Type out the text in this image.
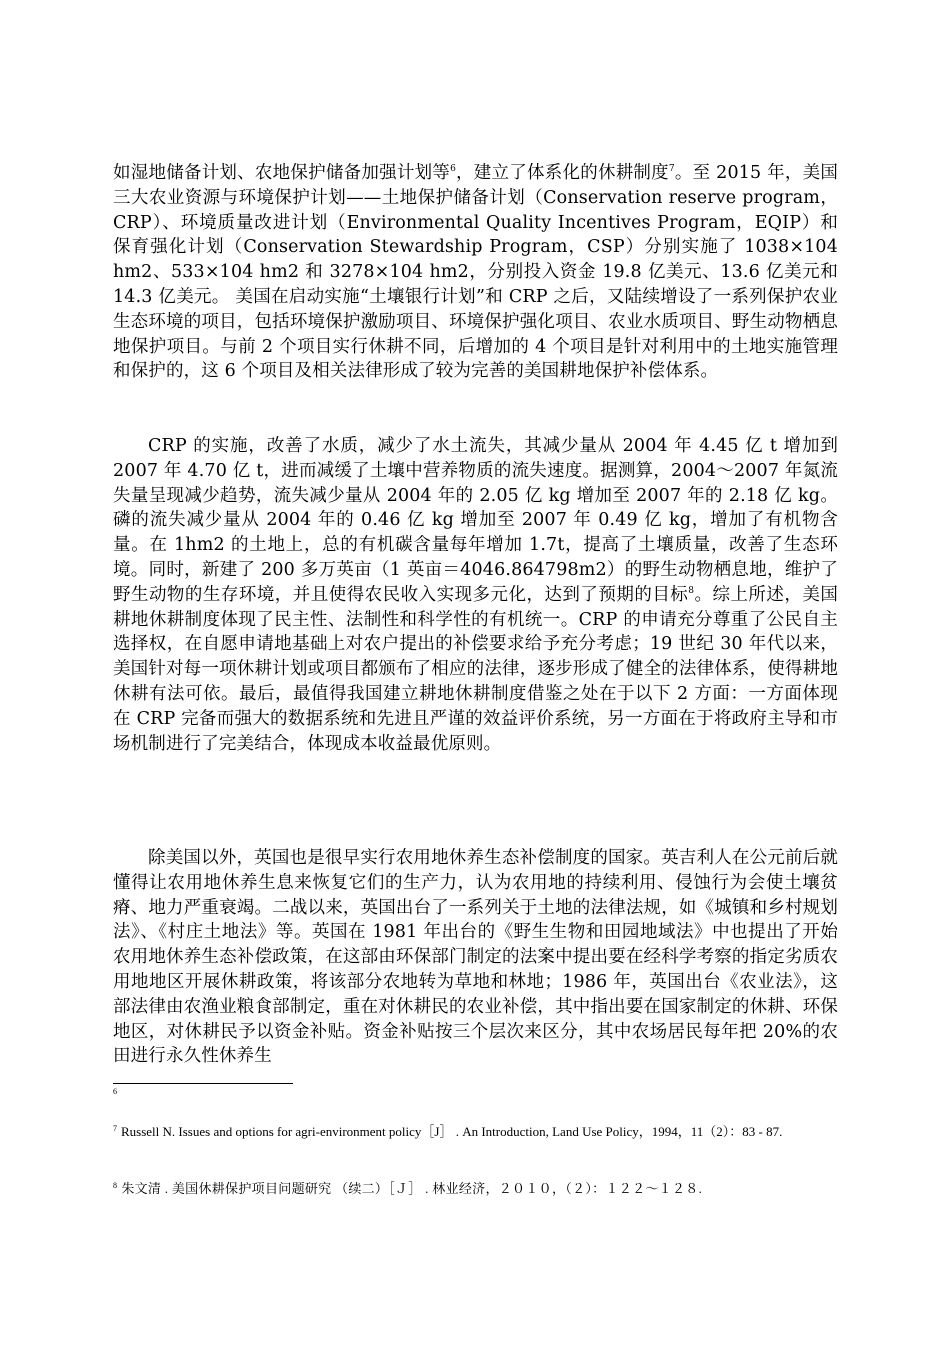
如湿地储备计划、农地保护储备加强计划等$^6$，建立了体系化的休耕制度$^7$。至 2015 年，美国三大农业资源与环境保护计划——土地保护储备计划（Conservation reserve program，CRP）、环境质量改进计划（Environmental Quality Incentives Program，EQIP）和保育强化计划（Conservation Stewardship Program，CSP）分别实施了 1038×104 hm2、533×104 hm2 和 3278×104 hm2，分别投入资金 19.8 亿美元、13.6 亿美元和 14.3 亿美元。 美国在启动实施“土壤银行计划”和 CRP 之后，又陆续增设了一系列保护农业生态环境的项目，包括环境保护激励项目、环境保护强化项目、农业水质项目、野生动物栖息地保护项目。与前 2 个项目实行休耕不同，后增加的 4 个项目是针对利用中的土地实施管理和保护的，这 6 个项目及相关法律形成了较为完善的美国耕地保护补偿体系。
CRP 的实施，改善了水质，减少了水土流失，其减少量从 2004 年 4.45 亿 t 增加到 2007 年 4.70 亿 t，进而减缓了土壤中营养物质的流失速度。据测算，2004～2007 年氮流失量呈现减少趋势，流失减少量从 2004 年的 2.05 亿 kg 增加至 2007 年的 2.18 亿 kg。磷的流失减少量从 2004 年的 0.46 亿 kg 增加至 2007 年 0.49 亿 kg，增加了有机物含量。在 1hm2 的土地上，总的有机碳含量每年增加 1.7t，提高了土壤质量，改善了生态环境。同时，新建了 200 多万英亩（1 英亩＝4046.864798m2）的野生动物栖息地，维护了野生动物的生存环境，并且使得农民收入实现多元化，达到了预期的目标$^8$。综上所述，美国耕地休耕制度体现了民主性、法制性和科学性的有机统一。CRP 的申请充分尊重了公民自主选择权，在自愿申请地基础上对农户提出的补偿要求给予充分考虑；19 世纪 30 年代以来，美国针对每一项休耕计划或项目都颁布了相应的法律，逐步形成了健全的法律体系，使得耕地休耕有法可依。最后，最值得我国建立耕地休耕制度借鉴之处在于以下 2 方面：一方面体现在 CRP 完备而强大的数据系统和先进且严谨的效益评价系统，另一方面在于将政府主导和市场机制进行了完美结合，体现成本收益最优原则。
除美国以外，英国也是很早实行农用地休养生态补偿制度的国家。英吉利人在公元前后就懂得让农用地休养生息来恢复它们的生产力，认为农用地的持续利用、侵蚀行为会使土壤贫瘠、地力严重衰竭。二战以来，英国出台了一系列关于土地的法律法规，如《城镇和乡村规划法》、《村庄土地法》等。英国在 1981 年出台的《野生生物和田园地域法》中也提出了开始农用地休养生态补偿政策，在这部由环保部门制定的法案中提出要在经科学考察的指定劣质农用地地区开展休耕政策，将该部分农地转为草地和林地；1986 年，英国出台《农业法》，这部法律由农渔业粮食部制定，重在对休耕民的农业补偿，其中指出要在国家制定的休耕、环保地区，对休耕民予以资金补贴。资金补贴按三个层次来区分，其中农场居民每年把 20%的农田进行永久性休养生
$^6$
$^7$ Russell N. Issues and options for agri-environment policy［J］ . An Introduction, Land Use Policy，1994，11（2）：83 - 87.
$^8$ 朱文清 . 美国休耕保护项目问题研究 （续二）［Ｊ］ . 林业经济，２０１０，（２）：１２２～１２８.
